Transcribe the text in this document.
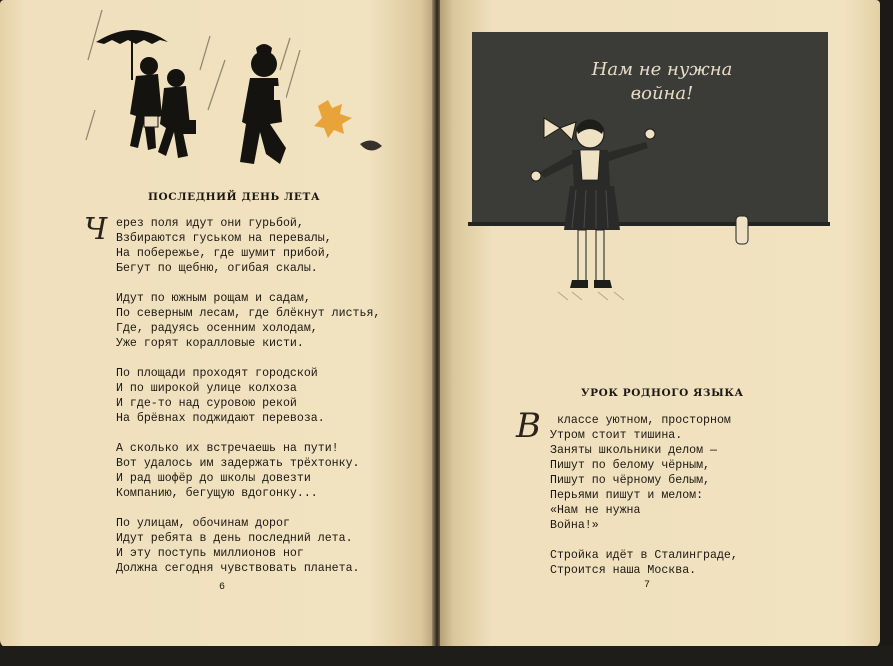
ПОСЛЕДНИЙ ДЕНЬ ЛЕТА
Ч ерез поля идут они гурьбой,
Взбираются гуськом на перевалы,
На побережье, где шумит прибой,
Бегут по щебню, огибая скалы.
Идут по южным рощам и садам,
По северным лесам, где блёкнут листья,
Где, радуясь осенним холодам,
Уже горят коралловые кисти.
По площади проходят городской
И по широкой улице колхоза
И где-то над суровою рекой
На брёвнах поджидают перевоза.
А сколько их встречаешь на пути!
Вот удалось им задержать трёхтонку.
И рад шофёр до школы довезти
Компанию, бегущую вдогонку...
По улицам, обочинам дорог
Идут ребята в день последний лета.
И эту поступь миллионов ног
Должна сегодня чувствовать планета.
6
Нам не нужна
война!
УРОК РОДНОГО ЯЗЫКА
В классе уютном, просторном
Утром стоит тишина.
Заняты школьники делом —
Пишут по белому чёрным,
Пишут по чёрному белым,
Перьями пишут и мелом:
«Нам не нужна
Война!»
Стройка идёт в Сталинграде,
Строится наша Москва.
7
